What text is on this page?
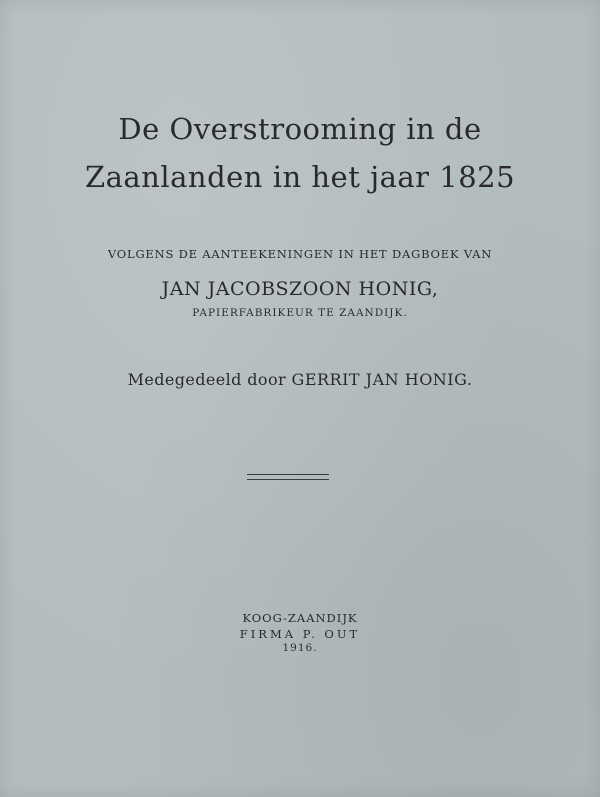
De Overstrooming in de
Zaanlanden in het jaar 1825
VOLGENS DE AANTEEKENINGEN IN HET DAGBOEK VAN
JAN JACOBSZOON HONIG,
PAPIERFABRIKEUR TE ZAANDIJK.
Medegedeeld door GERRIT JAN HONIG.
KOOG-ZAANDIJK
FIRMA P. OUT
1916.
